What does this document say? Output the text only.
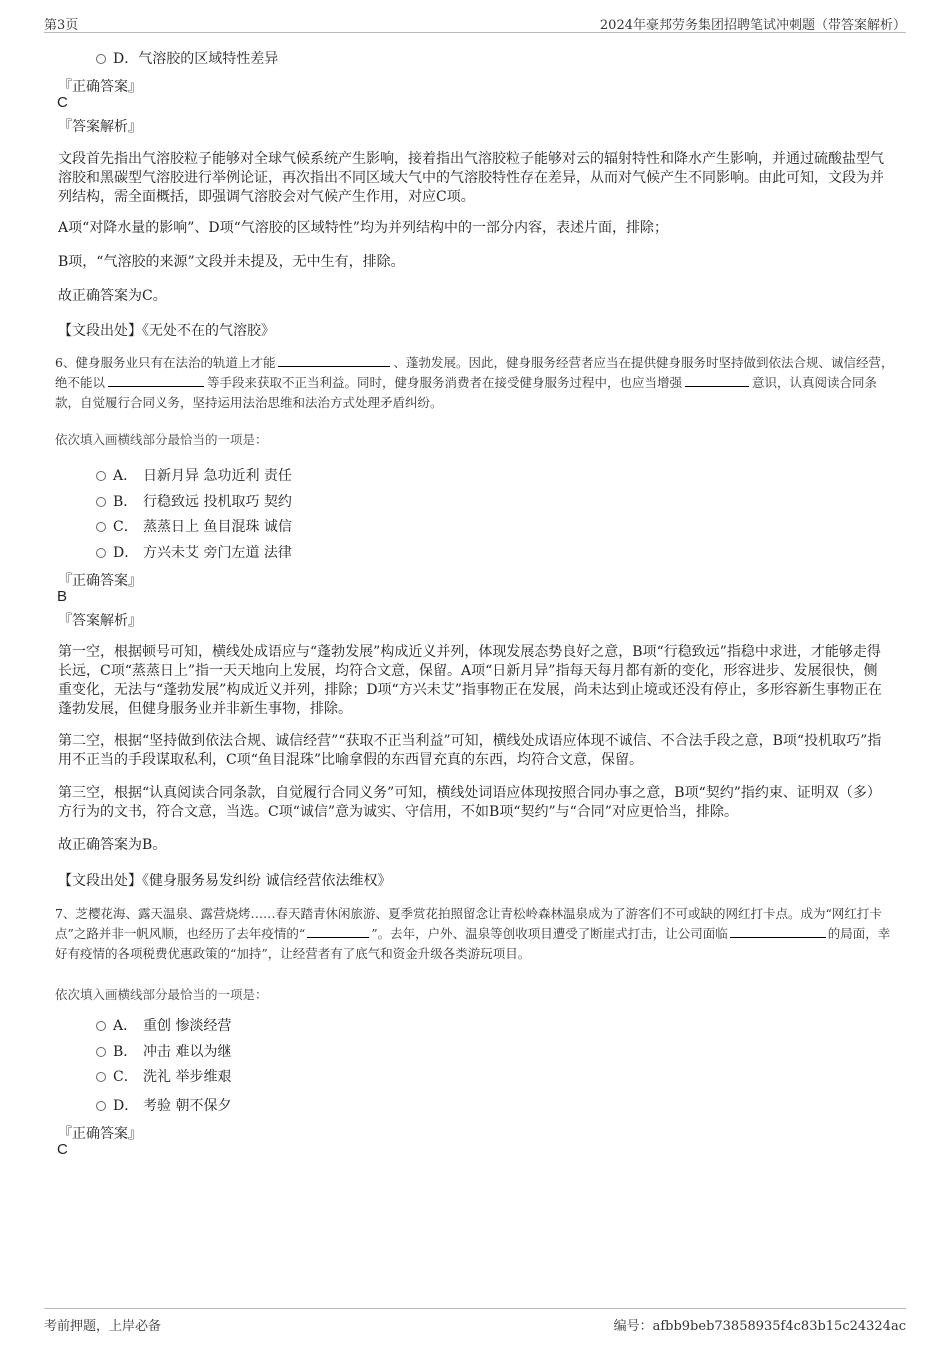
第3页	2024年豪邦劳务集团招聘笔试冲刺题（带答案解析）
D．气溶胶的区域特性差异
『正确答案』
C
『答案解析』
文段首先指出气溶胶粒子能够对全球气候系统产生影响，接着指出气溶胶粒子能够对云的辐射特性和降水产生影响，并通过硫酸盐型气溶胶和黑碳型气溶胶进行举例论证，再次指出不同区域大气中的气溶胶特性存在差异，从而对气候产生不同影响。由此可知，文段为并列结构，需全面概括，即强调气溶胶会对气候产生作用，对应C项。
A项“对降水量的影响”、D项“气溶胶的区域特性”均为并列结构中的一部分内容，表述片面，排除；
B项，“气溶胶的来源”文段并未提及，无中生有，排除。
故正确答案为C。
【文段出处】《无处不在的气溶胶》
6、健身服务业只有在法治的轨道上才能	、蓬勃发展。因此，健身服务经营者应当在提供健身服务时坚持做到依法合规、诚信经营，绝不能以	等手段来获取不正当利益。同时，健身服务消费者在接受健身服务过程中，也应当增强	意识，认真阅读合同条款，自觉履行合同义务，坚持运用法治思维和法治方式处理矛盾纠纷。
依次填入画横线部分最恰当的一项是：
A． 日新月异 急功近利 责任
B． 行稳致远 投机取巧 契约
C． 蒸蒸日上 鱼目混珠 诚信
D． 方兴未艾 旁门左道 法律
『正确答案』
B
『答案解析』
第一空，根据顿号可知，横线处成语应与“蓬勃发展”构成近义并列，体现发展态势良好之意，B项“行稳致远”指稳中求进，才能够走得长远，C项“蒸蒸日上”指一天天地向上发展，均符合文意，保留。A项“日新月异”指每天每月都有新的变化，形容进步、发展很快，侧重变化，无法与“蓬勃发展”构成近义并列，排除；D项“方兴未艾”指事物正在发展，尚未达到止境或还没有停止，多形容新生事物正在蓬勃发展，但健身服务业并非新生事物，排除。
第二空，根据“坚持做到依法合规、诚信经营”“获取不正当利益”可知，横线处成语应体现不诚信、不合法手段之意，B项“投机取巧”指用不正当的手段谋取私利，C项“鱼目混珠”比喻拿假的东西冒充真的东西，均符合文意，保留。
第三空，根据“认真阅读合同条款，自觉履行合同义务”可知，横线处词语应体现按照合同办事之意，B项“契约”指约束、证明双（多）方行为的文书，符合文意，当选。C项“诚信”意为诚实、守信用，不如B项“契约”与“合同”对应更恰当，排除。
故正确答案为B。
【文段出处】《健身服务易发纠纷 诚信经营依法维权》
7、芝樱花海、露天温泉、露营烧烤……春天踏青休闲旅游、夏季赏花拍照留念让青松岭森林温泉成为了游客们不可或缺的网红打卡点。成为“网红打卡点”之路并非一帆风顺，也经历了去年疫情的“	”。去年，户外、温泉等创收项目遭受了断崖式打击，让公司面临	的局面，幸好有疫情的各项税费优惠政策的“加持”，让经营者有了底气和资金升级各类游玩项目。
依次填入画横线部分最恰当的一项是：
A． 重创 惨淡经营
B． 冲击 难以为继
C． 洗礼 举步维艰
D． 考验 朝不保夕
『正确答案』
C
考前押题，上岸必备	编号：afbb9beb73858935f4c83b15c24324ac
